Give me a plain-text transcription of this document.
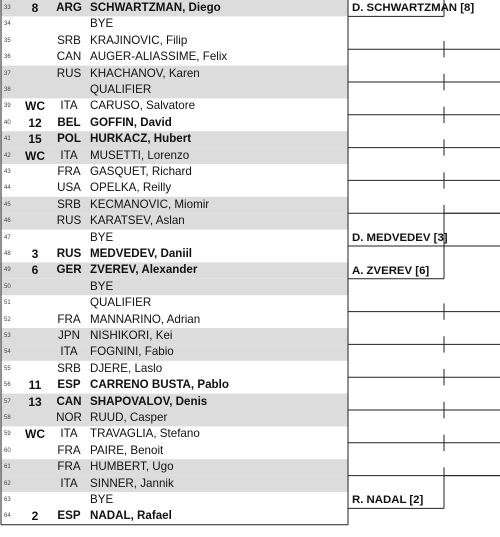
33	8	ARG SCHWARTZMAN, Diego
34	BYE
35	SRB KRAJINOVIC, Filip
36	CAN AUGER-ALIASSIME, Felix
37	RUS KHACHANOV, Karen
38	QUALIFIER
39	WC	ITA	CARUSO, Salvatore
40	12	BEL GOFFIN, David
41	15	POL HURKACZ, Hubert
42	WC	ITA	MUSETTI, Lorenzo
43	FRA GASQUET, Richard
44	USA OPELKA, Reilly
45	SRB KECMANOVIC, Miomir
46	RUS KARATSEV, Aslan
47	BYE
48	3	RUS MEDVEDEV, Daniil
49	6	GER ZVEREV, Alexander
50	BYE
51	QUALIFIER
52	FRA MANNARINO, Adrian
53	JPN NISHIKORI, Kei
54	ITA	FOGNINI, Fabio
55	SRB DJERE, Laslo
56	11	ESP CARRENO BUSTA, Pablo
57	13	CAN SHAPOVALOV, Denis
58	NOR RUUD, Casper
59	WC	ITA	TRAVAGLIA, Stefano
60	FRA PAIRE, Benoit
61	FRA HUMBERT, Ugo
62	ITA	SINNER, Jannik
63	BYE
64	2	ESP NADAL, Rafael
D. SCHWARTZMAN [8]
D. MEDVEDEV [3]
A. ZVEREV [6]
R. NADAL [2]
